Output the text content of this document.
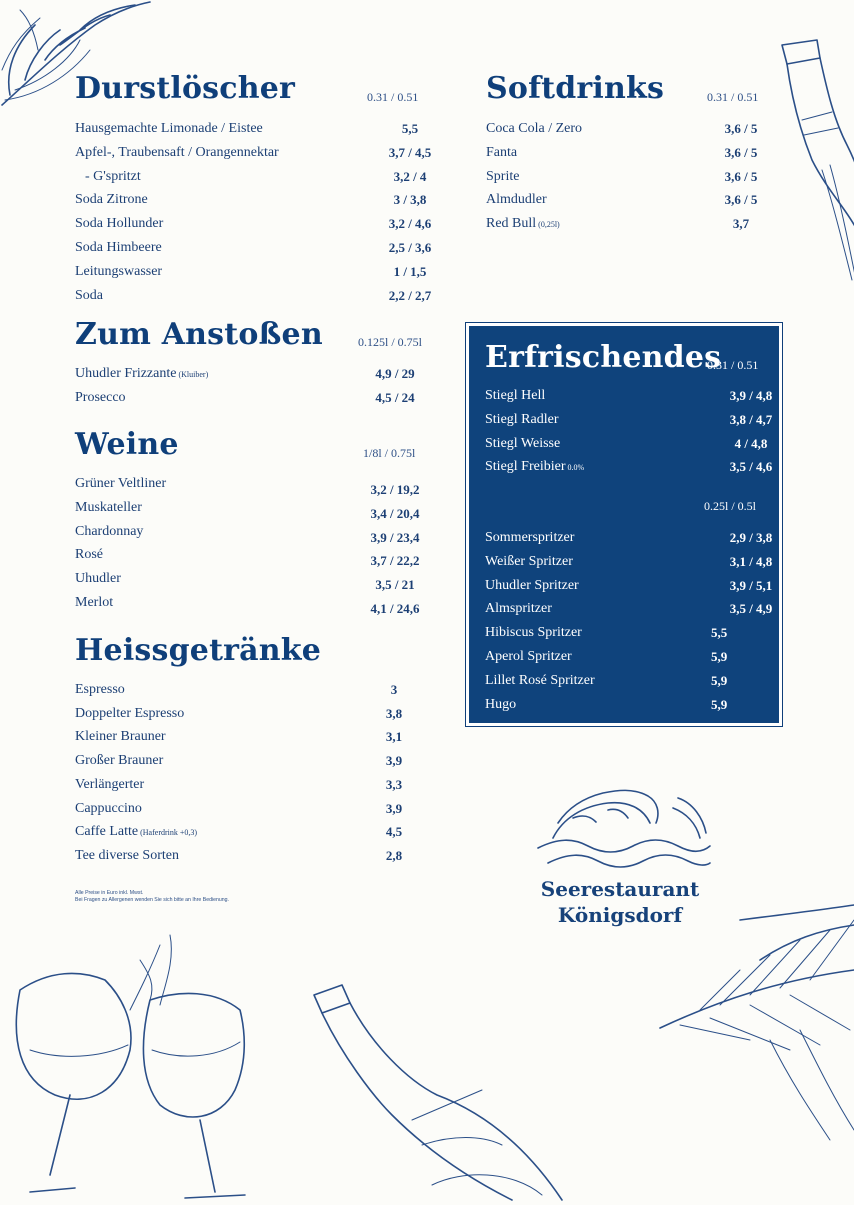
Durstlöscher	0.31 / 0.51
Hausgemachte Limonade / Eistee	5,5
Apfel-, Traubensaft / Orangennektar	3,7 / 4,5
- G'spritzt	3,2 / 4
Soda Zitrone	3 / 3,8
Soda Hollunder	3,2 / 4,6
Soda Himbeere	2,5 / 3,6
Leitungswasser	1 / 1,5
Soda	2,2 / 2,7
Softdrinks	0.31 / 0.51
Coca Cola / Zero	3,6 / 5
Fanta	3,6 / 5
Sprite	3,6 / 5
Almdudler	3,6 / 5
Red Bull (0,25l)	3,7
Zum Anstoßen	0.125l / 0.75l
Uhudler Frizzante (Kluiber)	4,9 / 29
Prosecco	4,5 / 24
Weine	1/8l / 0.75l
Grüner Veltliner	3,2 / 19,2
Muskateller	3,4 / 20,4
Chardonnay	3,9 / 23,4
Rosé	3,7 / 22,2
Uhudler	3,5 / 21
Merlot	4,1 / 24,6
Heissgetränke
Espresso	3
Doppelter Espresso	3,8
Kleiner Brauner	3,1
Großer Brauner	3,9
Verlängerter	3,3
Cappuccino	3,9
Caffe Latte (Haferdrink +0,3)	4,5
Tee diverse Sorten	2,8
Alle Preise in Euro inkl. Mwst.
Bei Fragen zu Allergenen wenden Sie sich bitte an Ihre Bedienung.
Erfrischendes
0.31 / 0.51
0.25l / 0.5l
Stiegl Hell	3,9 / 4,8
Stiegl Radler	3,8 / 4,7
Stiegl Weisse	4 / 4,8
Stiegl Freibier 0.0%	3,5 / 4,6
Sommerspritzer	2,9 / 3,8
Weißer Spritzer	3,1 / 4,8
Uhudler Spritzer	3,9 / 5,1
Almspritzer	3,5 / 4,9
Hibiscus Spritzer	5,5
Aperol Spritzer	5,9
Lillet Rosé Spritzer	5,9
Hugo	5,9
Seerestaurant
Königsdorf
